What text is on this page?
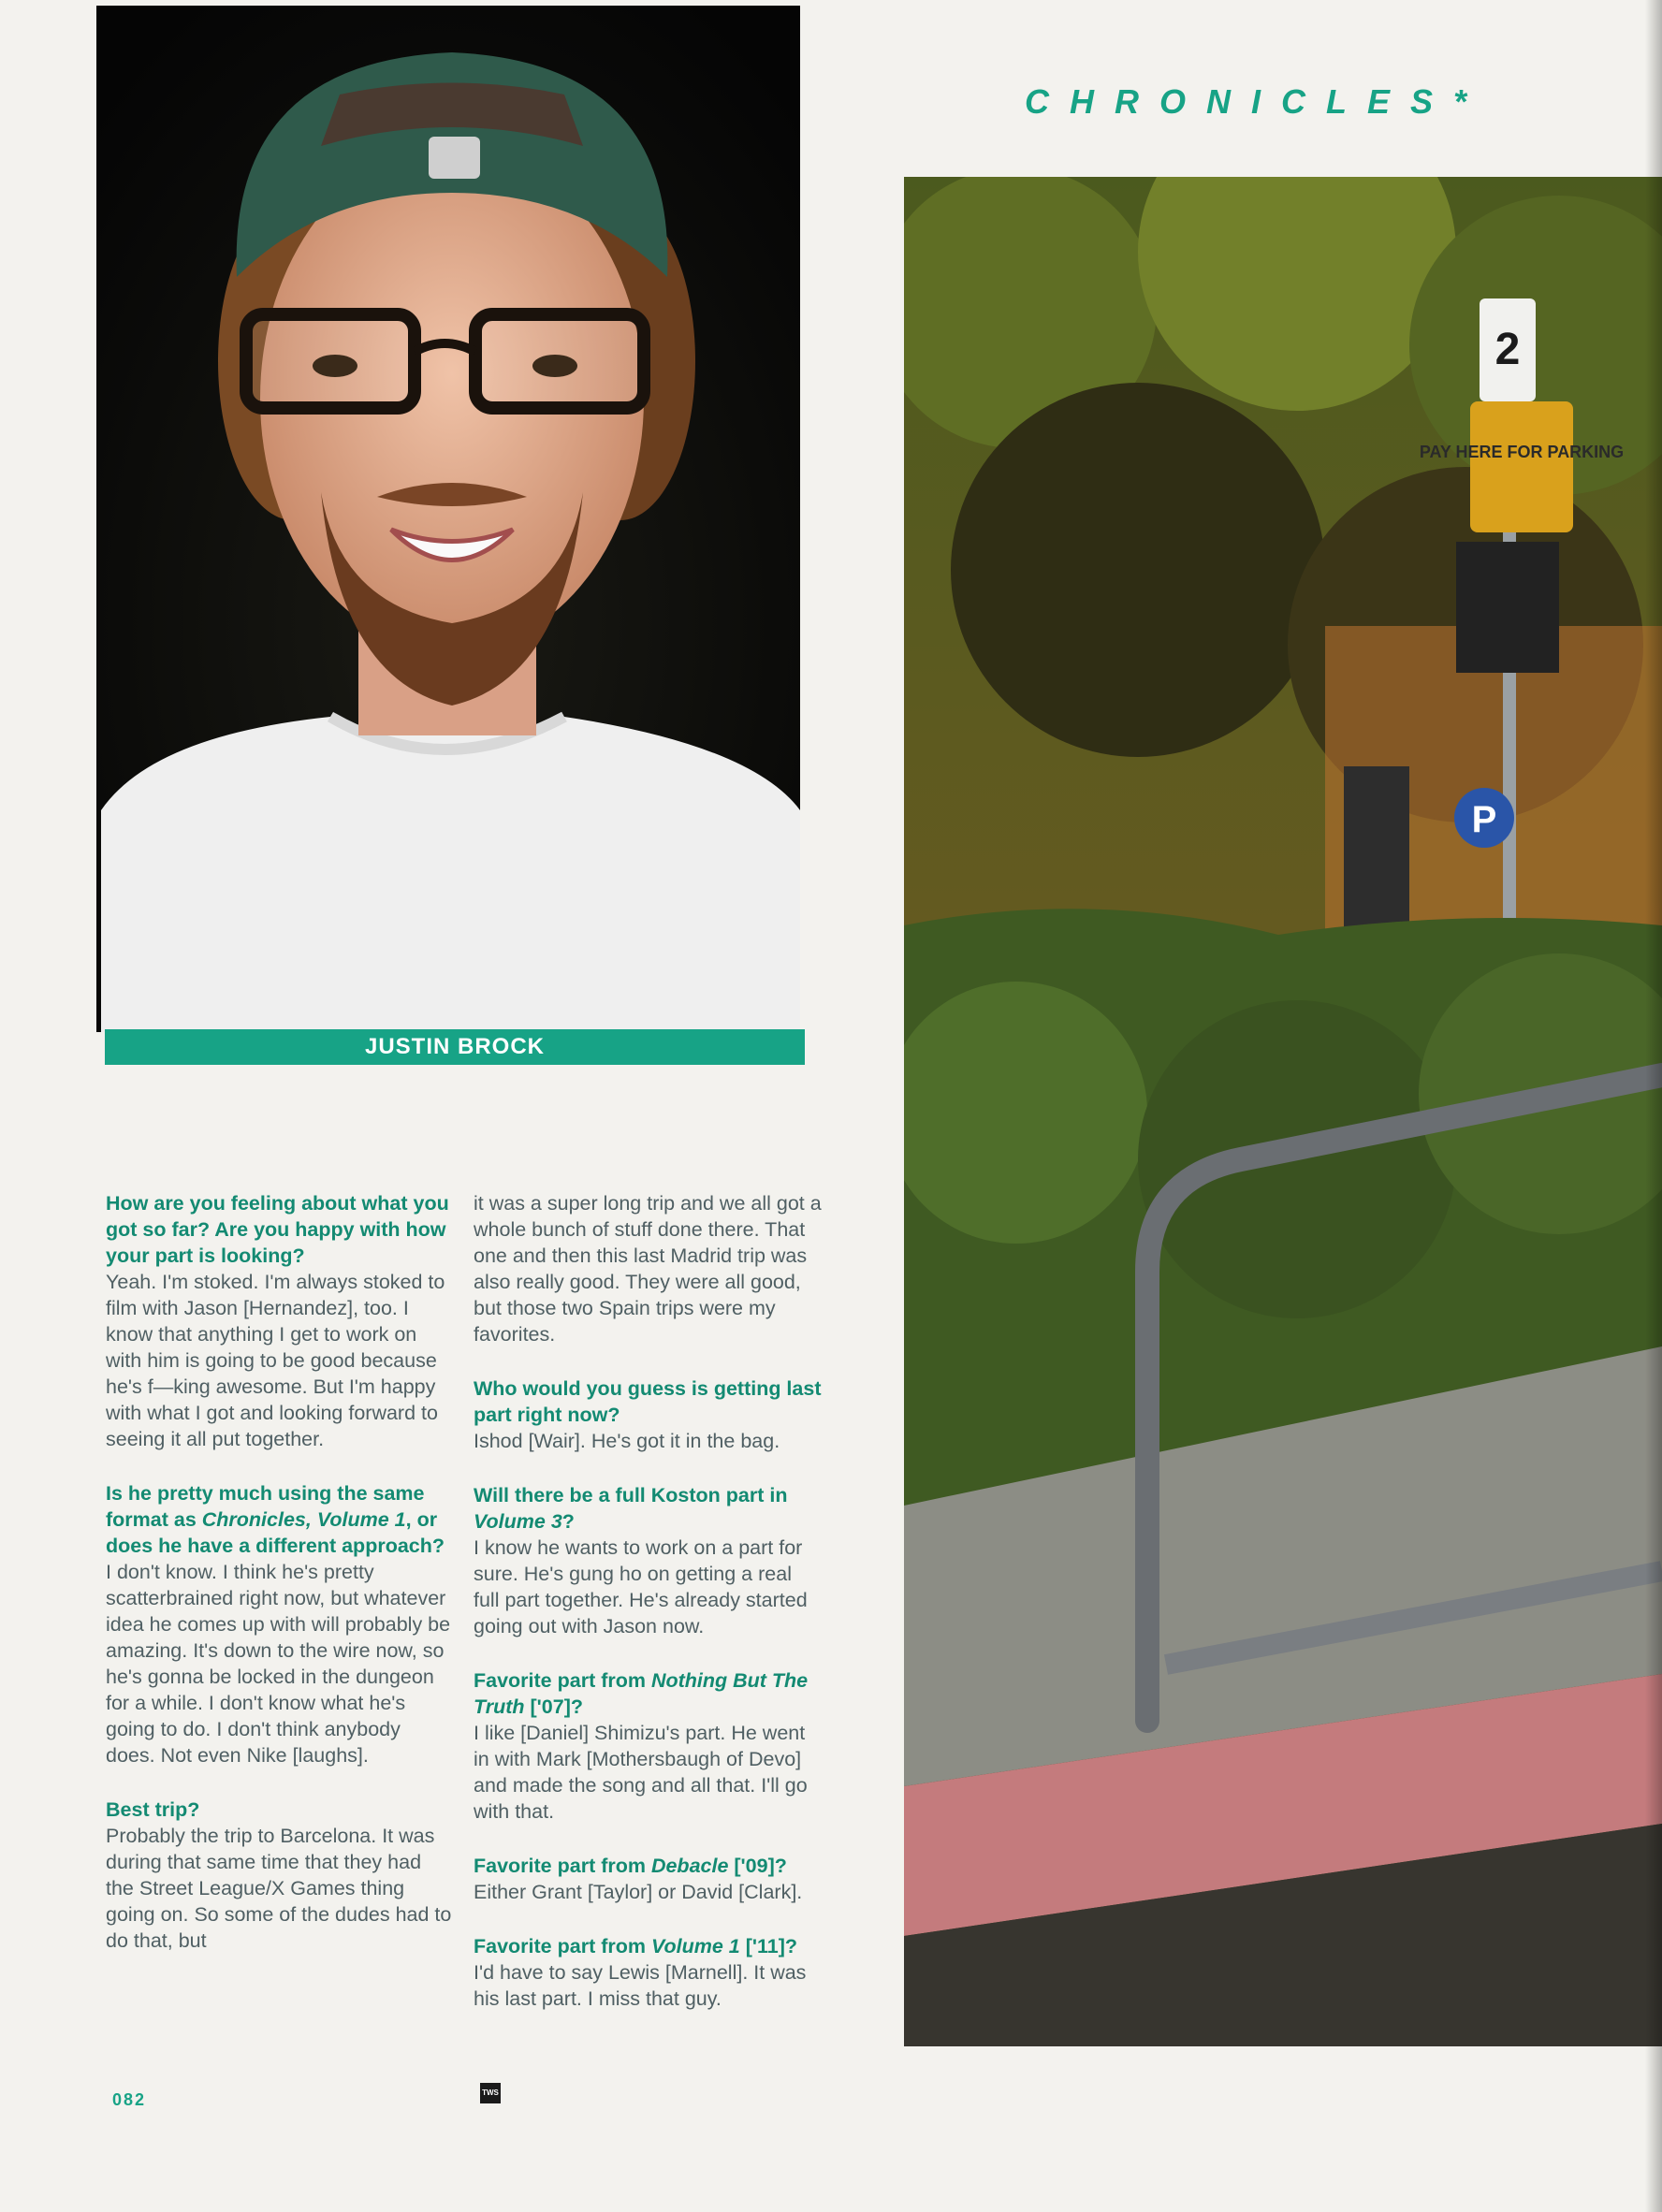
JUSTIN BROCK
CHRONICLES*
2
PAY HERE FOR PARKING
P
How are you feeling about what you got so far? Are you happy with how your part is looking?

Yeah. I'm stoked. I'm always stoked to film with Jason [Hernandez], too. I know that anything I get to work on with him is going to be good because he's f—king awesome. But I'm happy with what I got and looking forward to seeing it all put together.

Is he pretty much using the same format as Chronicles, Volume 1, or does he have a different approach?

I don't know. I think he's pretty scatterbrained right now, but whatever idea he comes up with will probably be amazing. It's down to the wire now, so he's gonna be locked in the dungeon for a while. I don't know what he's going to do. I don't think anybody does. Not even Nike [laughs].

Best trip?

Probably the trip to Barcelona. It was during that same time that they had the Street League/X Games thing going on. So some of the dudes had to do that, but

it was a super long trip and we all got a whole bunch of stuff done there. That one and then this last Madrid trip was also really good. They were all good, but those two Spain trips were my favorites.

Who would you guess is getting last part right now?

Ishod [Wair]. He's got it in the bag.

Will there be a full Koston part in Volume 3?

I know he wants to work on a part for sure. He's gung ho on getting a real full part together. He's already started going out with Jason now.

Favorite part from Nothing But The Truth ['07]?

I like [Daniel] Shimizu's part. He went in with Mark [Mothersbaugh of Devo] and made the song and all that. I'll go with that.

Favorite part from Debacle ['09]?

Either Grant [Taylor] or David [Clark].

Favorite part from Volume 1 ['11]?

I'd have to say Lewis [Marnell]. It was his last part. I miss that guy.

082	TWS
